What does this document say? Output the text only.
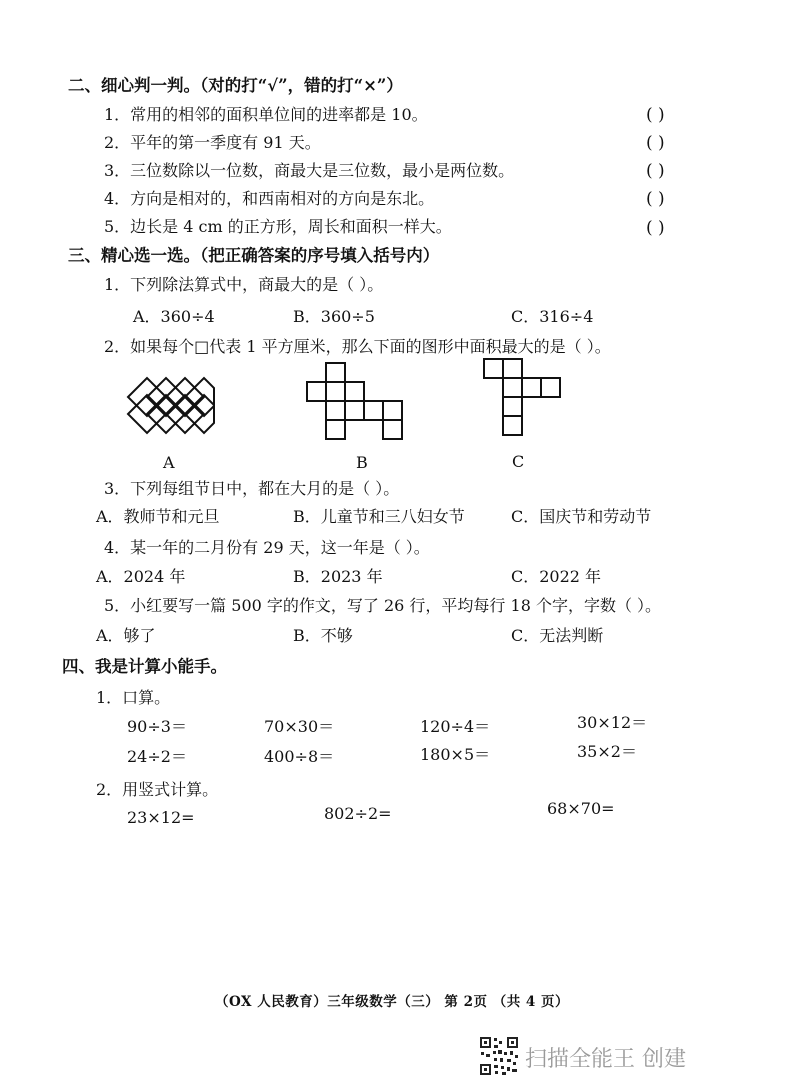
二、细心判一判。（对的打“√”，错的打“×”）
1．常用的相邻的面积单位间的进率都是 10。	( )
2．平年的第一季度有 91 天。	( )
3．三位数除以一位数，商最大是三位数，最小是两位数。	( )
4．方向是相对的，和西南相对的方向是东北。	( )
5．边长是 4 cm 的正方形，周长和面积一样大。	( )
三、精心选一选。（把正确答案的序号填入括号内）
1．下列除法算式中，商最大的是（ ）。
A．360÷4	B．360÷5	C．316÷4
2．如果每个□代表 1 平方厘米，那么下面的图形中面积最大的是（ ）。
A	B	C
3．下列每组节日中，都在大月的是（ ）。
A．教师节和元旦	B．儿童节和三八妇女节	C．国庆节和劳动节
4．某一年的二月份有 29 天，这一年是（ ）。
A．2024 年	B．2023 年	C．2022 年
5．小红要写一篇 500 字的作文，写了 26 行，平均每行 18 个字，字数（ ）。
A．够了	B．不够	C．无法判断
四、我是计算小能手。
1．口算。
90÷3＝	70×30＝	120÷4＝	30×12＝
24÷2＝	400÷8＝	180×5＝	35×2＝
2．用竖式计算。
23×12=	802÷2=	68×70=
（OX 人民教育）三年级数学（三） 第 2页 （共 4 页）
扫描全能王 创建
